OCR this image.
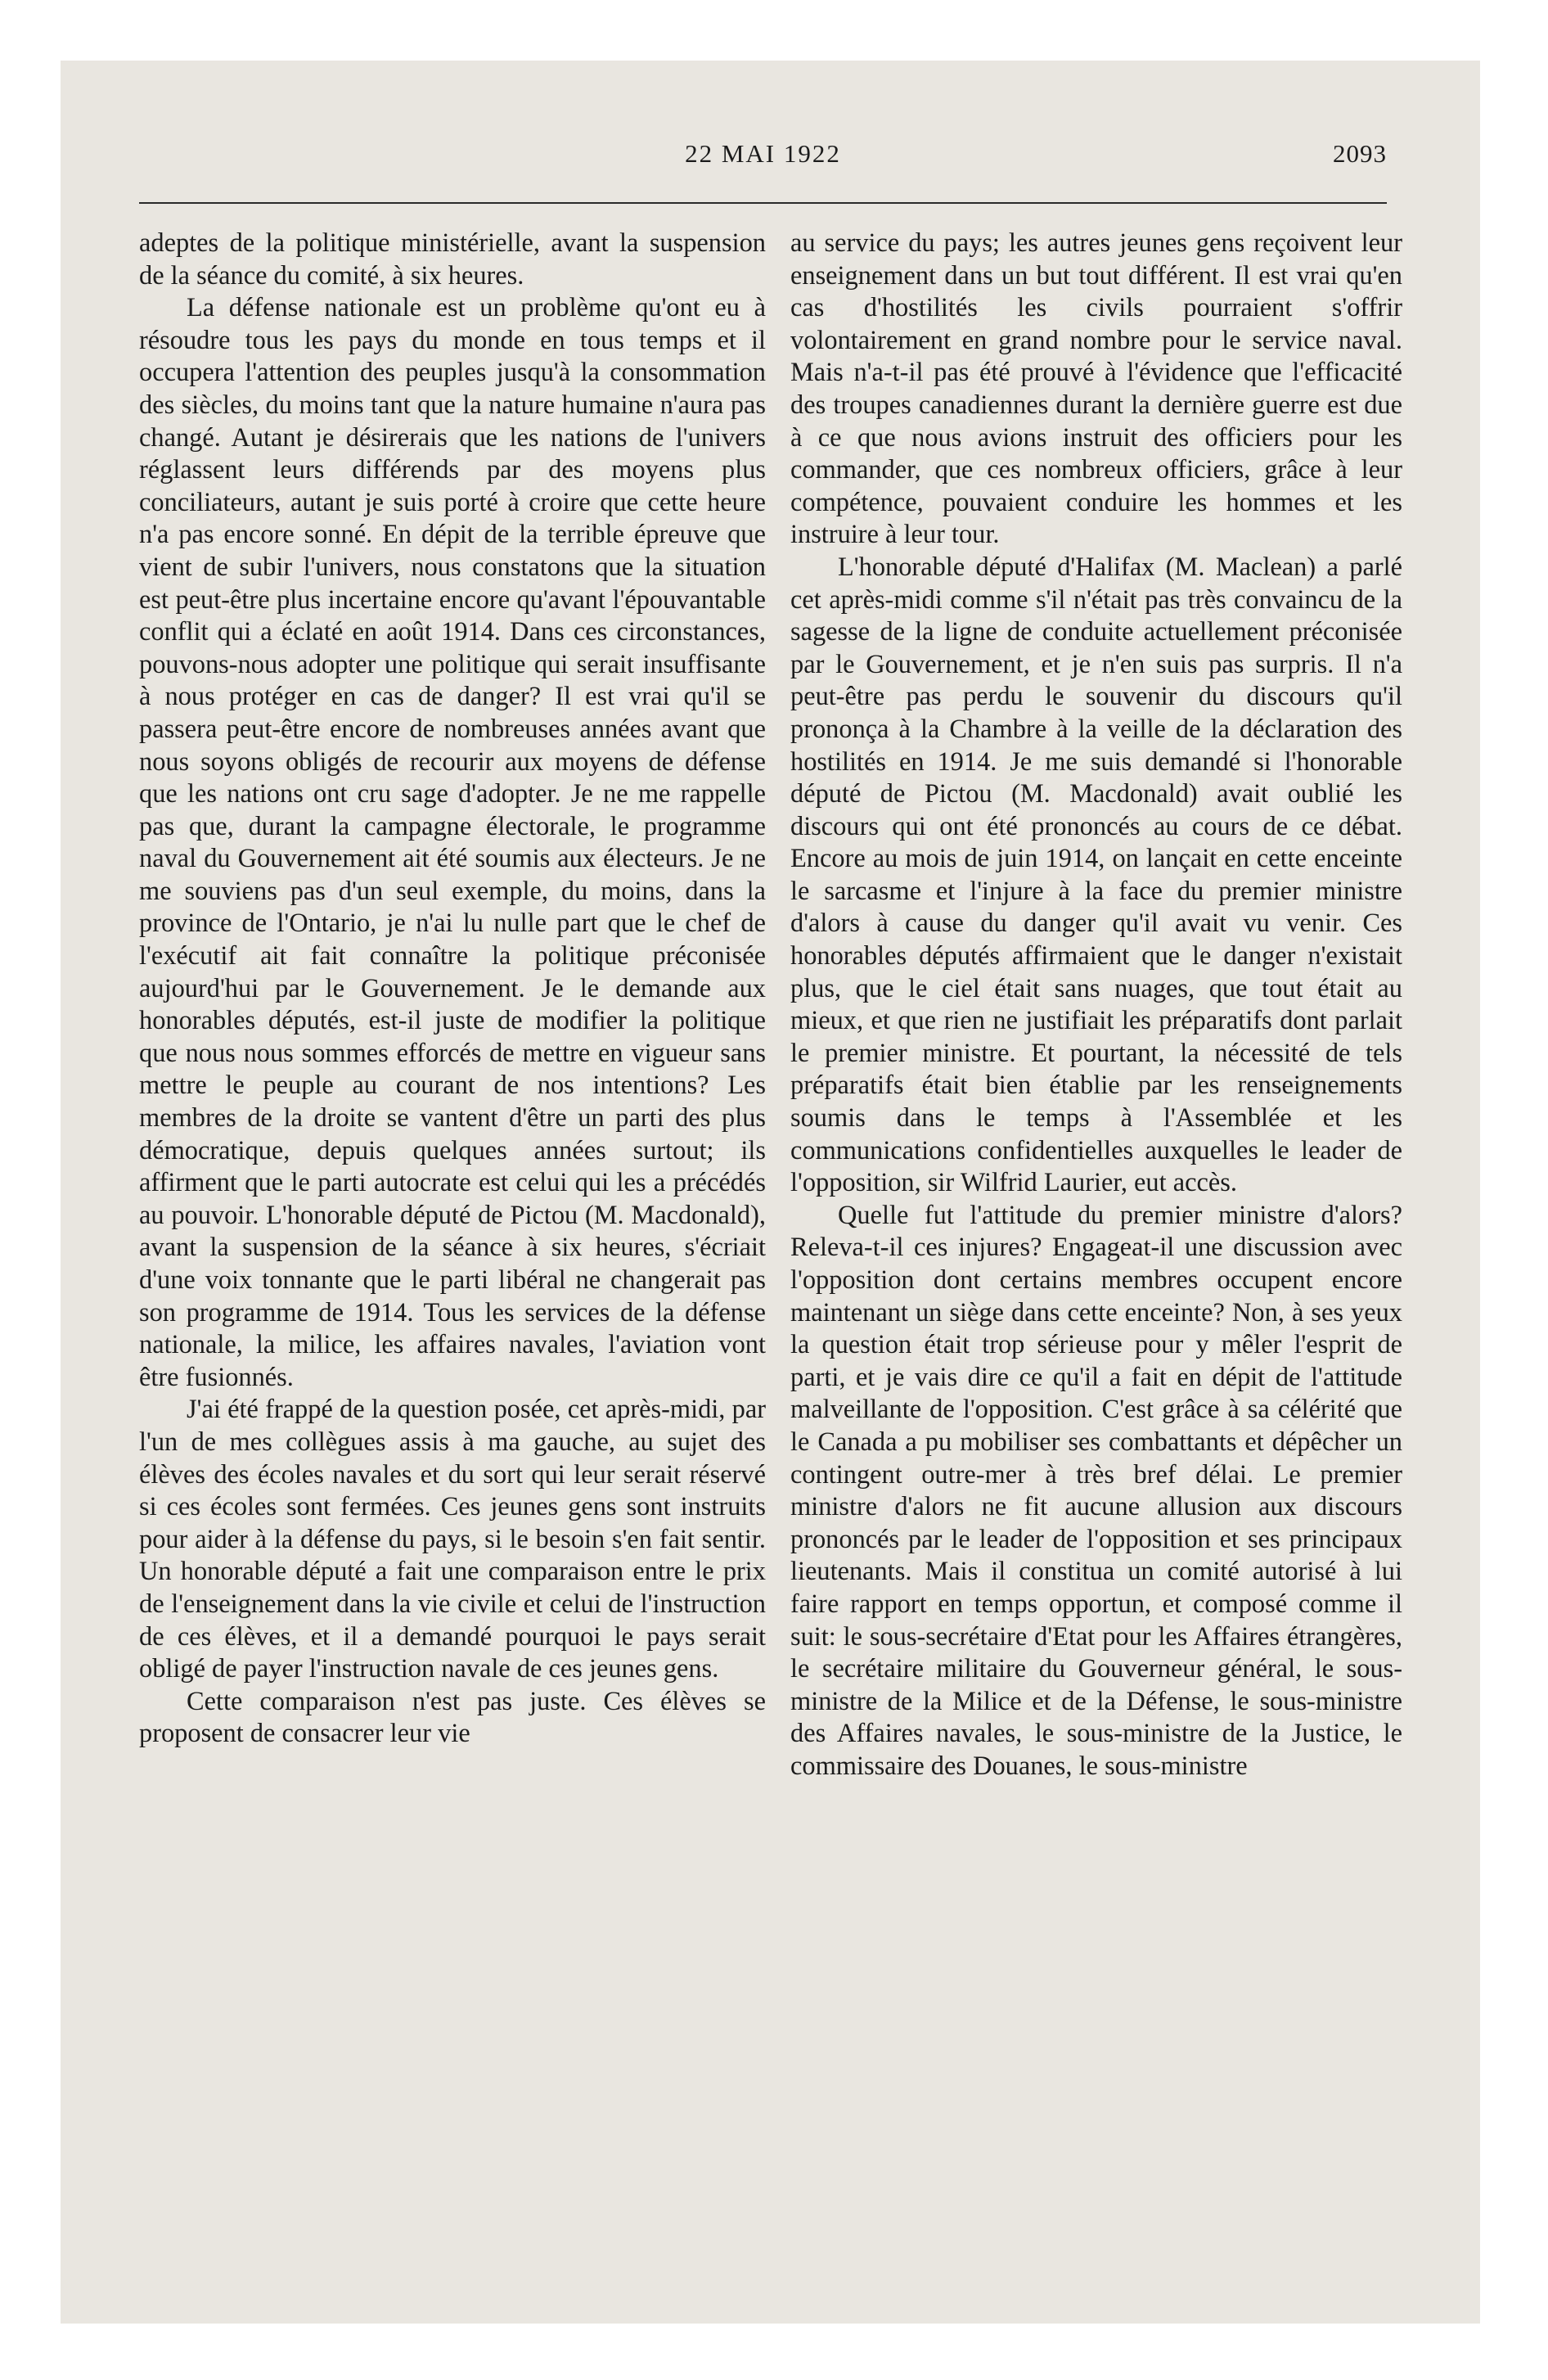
22 MAI 1922	2093

adeptes de la politique ministérielle, avant la suspension de la séance du comité, à six heures.

La défense nationale est un problème qu'ont eu à résoudre tous les pays du monde en tous temps et il occupera l'attention des peuples jusqu'à la consommation des siècles, du moins tant que la nature humaine n'aura pas changé. Autant je désirerais que les nations de l'univers réglassent leurs différends par des moyens plus conciliateurs, autant je suis porté à croire que cette heure n'a pas encore sonné. En dépit de la terrible épreuve que vient de subir l'univers, nous constatons que la situation est peut-être plus incertaine encore qu'avant l'épouvantable conflit qui a éclaté en août 1914. Dans ces circonstances, pouvons-nous adopter une politique qui serait insuffisante à nous protéger en cas de danger? Il est vrai qu'il se passera peut-être encore de nombreuses années avant que nous soyons obligés de recourir aux moyens de défense que les nations ont cru sage d'adopter. Je ne me rappelle pas que, durant la campagne électorale, le programme naval du Gouvernement ait été soumis aux électeurs. Je ne me souviens pas d'un seul exemple, du moins, dans la province de l'Ontario, je n'ai lu nulle part que le chef de l'exécutif ait fait connaître la politique préconisée aujourd'hui par le Gouvernement. Je le demande aux honorables députés, est-il juste de modifier la politique que nous nous sommes efforcés de mettre en vigueur sans mettre le peuple au courant de nos intentions? Les membres de la droite se vantent d'être un parti des plus démocratique, depuis quelques années surtout; ils affirment que le parti autocrate est celui qui les a précédés au pouvoir. L'honorable député de Pictou (M. Macdonald), avant la suspension de la séance à six heures, s'écriait d'une voix tonnante que le parti libéral ne changerait pas son programme de 1914. Tous les services de la défense nationale, la milice, les affaires navales, l'aviation vont être fusionnés.

J'ai été frappé de la question posée, cet après-midi, par l'un de mes collègues assis à ma gauche, au sujet des élèves des écoles navales et du sort qui leur serait réservé si ces écoles sont fermées. Ces jeunes gens sont instruits pour aider à la défense du pays, si le besoin s'en fait sentir. Un honorable député a fait une comparaison entre le prix de l'enseignement dans la vie civile et celui de l'instruction de ces élèves, et il a demandé pourquoi le pays serait obligé de payer l'instruction navale de ces jeunes gens.

Cette comparaison n'est pas juste. Ces élèves se proposent de consacrer leur vie

au service du pays; les autres jeunes gens reçoivent leur enseignement dans un but tout différent. Il est vrai qu'en cas d'hostilités les civils pourraient s'offrir volontairement en grand nombre pour le service naval. Mais n'a-t-il pas été prouvé à l'évidence que l'efficacité des troupes canadiennes durant la dernière guerre est due à ce que nous avions instruit des officiers pour les commander, que ces nombreux officiers, grâce à leur compétence, pouvaient conduire les hommes et les instruire à leur tour.

L'honorable député d'Halifax (M. Maclean) a parlé cet après-midi comme s'il n'était pas très convaincu de la sagesse de la ligne de conduite actuellement préconisée par le Gouvernement, et je n'en suis pas surpris. Il n'a peut-être pas perdu le souvenir du discours qu'il prononça à la Chambre à la veille de la déclaration des hostilités en 1914. Je me suis demandé si l'honorable député de Pictou (M. Macdonald) avait oublié les discours qui ont été prononcés au cours de ce débat. Encore au mois de juin 1914, on lançait en cette enceinte le sarcasme et l'injure à la face du premier ministre d'alors à cause du danger qu'il avait vu venir. Ces honorables députés affirmaient que le danger n'existait plus, que le ciel était sans nuages, que tout était au mieux, et que rien ne justifiait les préparatifs dont parlait le premier ministre. Et pourtant, la nécessité de tels préparatifs était bien établie par les renseignements soumis dans le temps à l'Assemblée et les communications confidentielles auxquelles le leader de l'opposition, sir Wilfrid Laurier, eut accès.

Quelle fut l'attitude du premier ministre d'alors? Releva-t-il ces injures? Engageat-il une discussion avec l'opposition dont certains membres occupent encore maintenant un siège dans cette enceinte? Non, à ses yeux la question était trop sérieuse pour y mêler l'esprit de parti, et je vais dire ce qu'il a fait en dépit de l'attitude malveillante de l'opposition. C'est grâce à sa célérité que le Canada a pu mobiliser ses combattants et dépêcher un contingent outre-mer à très bref délai. Le premier ministre d'alors ne fit aucune allusion aux discours prononcés par le leader de l'opposition et ses principaux lieutenants. Mais il constitua un comité autorisé à lui faire rapport en temps opportun, et composé comme il suit: le sous-secrétaire d'Etat pour les Affaires étrangères, le secrétaire militaire du Gouverneur général, le sous-ministre de la Milice et de la Défense, le sous-ministre des Affaires navales, le sous-ministre de la Justice, le commissaire des Douanes, le sous-ministre
